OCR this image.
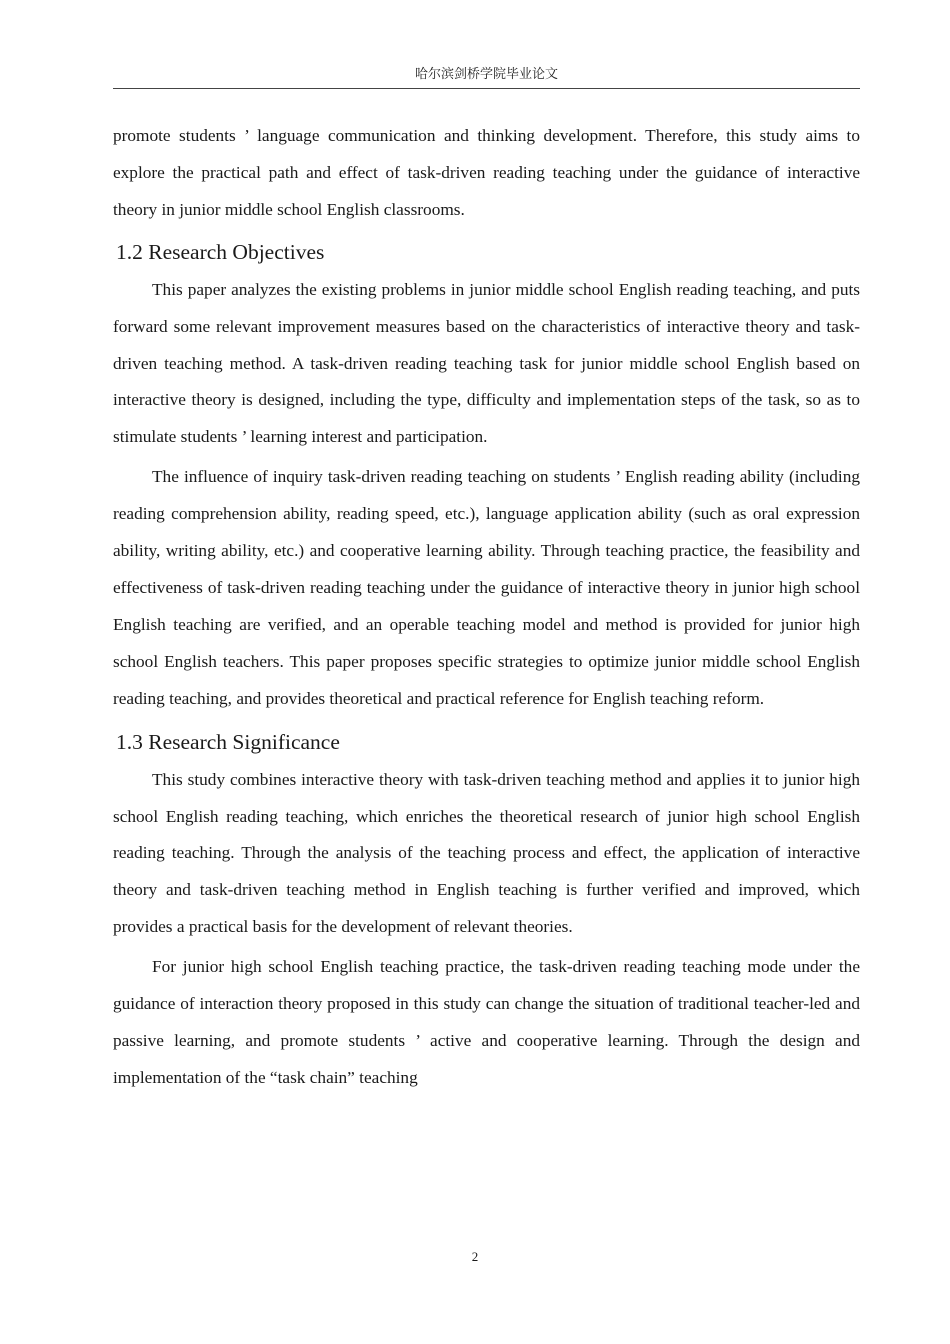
哈尔滨剑桥学院毕业论文

promote students ’ language communication and thinking development. Therefore, this study aims to explore the practical path and effect of task-driven reading teaching under the guidance of interactive theory in junior middle school English classrooms.

1.2 Research Objectives

This paper analyzes the existing problems in junior middle school English reading teaching, and puts forward some relevant improvement measures based on the characteristics of interactive theory and task-driven teaching method. A task-driven reading teaching task for junior middle school English based on interactive theory is designed, including the type, difficulty and implementation steps of the task, so as to stimulate students ’ learning interest and participation.

The influence of inquiry task-driven reading teaching on students ’ English reading ability (including reading comprehension ability, reading speed, etc.), language application ability (such as oral expression ability, writing ability, etc.) and cooperative learning ability. Through teaching practice, the feasibility and effectiveness of task-driven reading teaching under the guidance of interactive theory in junior high school English teaching are verified, and an operable teaching model and method is provided for junior high school English teachers. This paper proposes specific strategies to optimize junior middle school English reading teaching, and provides theoretical and practical reference for English teaching reform.

1.3 Research Significance

This study combines interactive theory with task-driven teaching method and applies it to junior high school English reading teaching, which enriches the theoretical research of junior high school English reading teaching. Through the analysis of the teaching process and effect, the application of interactive theory and task-driven teaching method in English teaching is further verified and improved, which provides a practical basis for the development of relevant theories.

For junior high school English teaching practice, the task-driven reading teaching mode under the guidance of interaction theory proposed in this study can change the situation of traditional teacher-led and passive learning, and promote students ’ active and cooperative learning. Through the design and implementation of the “task chain” teaching

2
